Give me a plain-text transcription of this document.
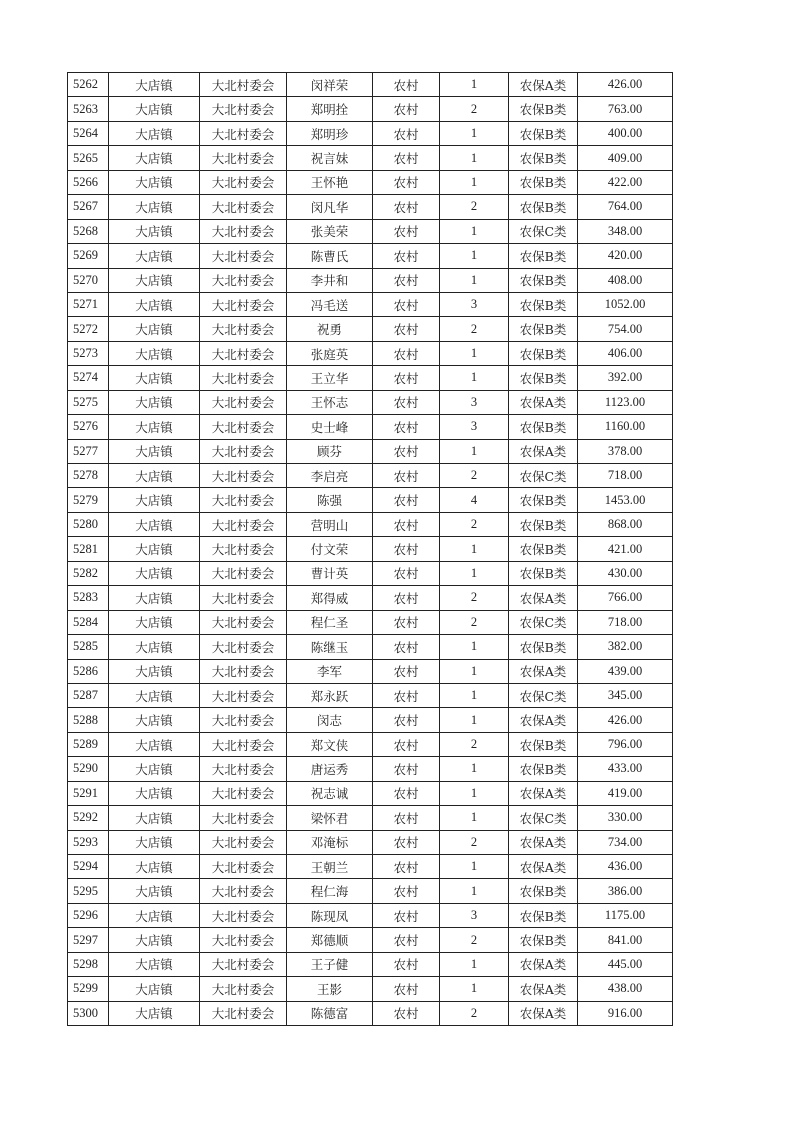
5262	大店镇	大北村委会	闵祥荣	农村	1	农保A类	426.00
5263	大店镇	大北村委会	郑明拴	农村	2	农保B类	763.00
5264	大店镇	大北村委会	郑明珍	农村	1	农保B类	400.00
5265	大店镇	大北村委会	祝言妹	农村	1	农保B类	409.00
5266	大店镇	大北村委会	王怀艳	农村	1	农保B类	422.00
5267	大店镇	大北村委会	闵凡华	农村	2	农保B类	764.00
5268	大店镇	大北村委会	张美荣	农村	1	农保C类	348.00
5269	大店镇	大北村委会	陈曹氏	农村	1	农保B类	420.00
5270	大店镇	大北村委会	李井和	农村	1	农保B类	408.00
5271	大店镇	大北村委会	冯毛送	农村	3	农保B类	1052.00
5272	大店镇	大北村委会	祝勇	农村	2	农保B类	754.00
5273	大店镇	大北村委会	张庭英	农村	1	农保B类	406.00
5274	大店镇	大北村委会	王立华	农村	1	农保B类	392.00
5275	大店镇	大北村委会	王怀志	农村	3	农保A类	1123.00
5276	大店镇	大北村委会	史士峰	农村	3	农保B类	1160.00
5277	大店镇	大北村委会	顾芬	农村	1	农保A类	378.00
5278	大店镇	大北村委会	李启亮	农村	2	农保C类	718.00
5279	大店镇	大北村委会	陈强	农村	4	农保B类	1453.00
5280	大店镇	大北村委会	营明山	农村	2	农保B类	868.00
5281	大店镇	大北村委会	付文荣	农村	1	农保B类	421.00
5282	大店镇	大北村委会	曹计英	农村	1	农保B类	430.00
5283	大店镇	大北村委会	郑得威	农村	2	农保A类	766.00
5284	大店镇	大北村委会	程仁圣	农村	2	农保C类	718.00
5285	大店镇	大北村委会	陈继玉	农村	1	农保B类	382.00
5286	大店镇	大北村委会	李军	农村	1	农保A类	439.00
5287	大店镇	大北村委会	郑永跃	农村	1	农保C类	345.00
5288	大店镇	大北村委会	闵志	农村	1	农保A类	426.00
5289	大店镇	大北村委会	郑文侠	农村	2	农保B类	796.00
5290	大店镇	大北村委会	唐运秀	农村	1	农保B类	433.00
5291	大店镇	大北村委会	祝志诚	农村	1	农保A类	419.00
5292	大店镇	大北村委会	梁怀君	农村	1	农保C类	330.00
5293	大店镇	大北村委会	邓淹标	农村	2	农保A类	734.00
5294	大店镇	大北村委会	王朝兰	农村	1	农保A类	436.00
5295	大店镇	大北村委会	程仁海	农村	1	农保B类	386.00
5296	大店镇	大北村委会	陈现凤	农村	3	农保B类	1175.00
5297	大店镇	大北村委会	郑德顺	农村	2	农保B类	841.00
5298	大店镇	大北村委会	王子健	农村	1	农保A类	445.00
5299	大店镇	大北村委会	王影	农村	1	农保A类	438.00
5300	大店镇	大北村委会	陈德富	农村	2	农保A类	916.00
